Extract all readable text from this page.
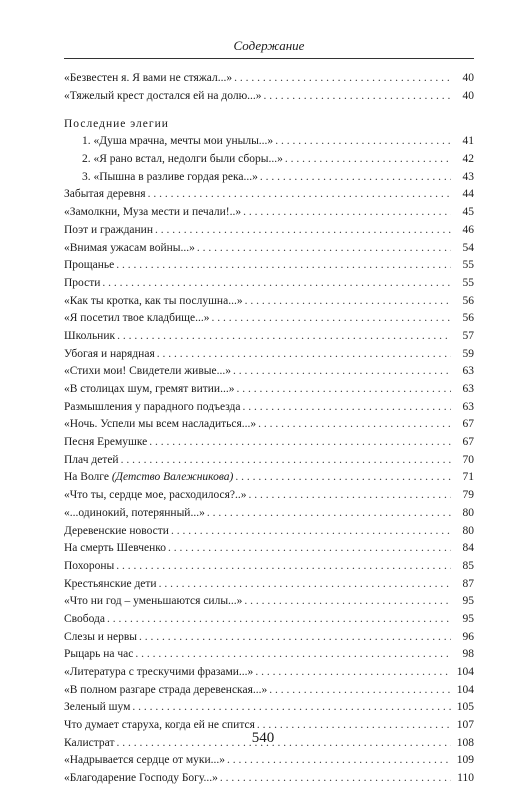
Содержание
«Безвестен я. Я вами не стяжал...» . . .	40
«Тяжелый крест достался ей на долю...» . . .	40
Последние элегии
1. «Душа мрачна, мечты мои унылы...» . . .	41
2. «Я рано встал, недолги были сборы...» . . .	42
3. «Пышна в разливе гордая река...» . . .	43
Забытая деревня . . .	44
«Замолкни, Муза мести и печали!..» . . .	45
Поэт и гражданин . . .	46
«Внимая ужасам войны...» . . .	54
Прощанье . . .	55
Прости . . .	55
«Как ты кротка, как ты послушна...» . . .	56
«Я посетил твое кладбище...» . . .	56
Школьник . . .	57
Убогая и нарядная . . .	59
«Стихи мои! Свидетели живые...» . . .	63
«В столицах шум, гремят витии...» . . .	63
Размышления у парадного подъезда . . .	63
«Ночь. Успели мы всем насладиться...» . . .	67
Песня Еремушке . . .	67
Плач детей . . .	70
На Волге (Детство Валежникова) . . .	71
«Что ты, сердце мое, расходилося?..» . . .	79
«...одинокий, потерянный...» . . .	80
Деревенские новости . . .	80
На смерть Шевченко . . .	84
Похороны . . .	85
Крестьянские дети . . .	87
«Что ни год – уменьшаются силы...» . . .	95
Свобода . . .	95
Слезы и нервы . . .	96
Рыцарь на час . . .	98
«Литература с трескучими фразами...» . . .	104
«В полном разгаре страда деревенская...» . . .	104
Зеленый шум . . .	105
Что думает старуха, когда ей не спится . . .	107
Калистрат . . .	108
«Надрывается сердце от муки...» . . .	109
«Благодарение Господу Богу...» . . .	110
540
